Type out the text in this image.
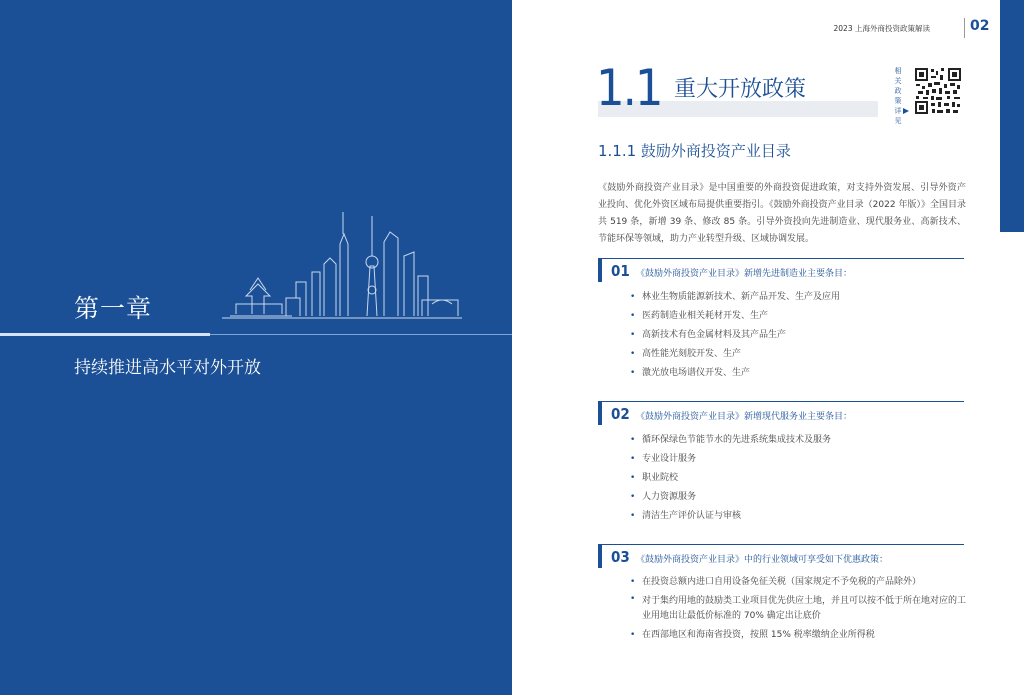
第一章
持续推进高水平对外开放
2023 上海外商投资政策解读	02
1.1 重大开放政策
相关政策详见
1.1.1 鼓励外商投资产业目录
《鼓励外商投资产业目录》是中国重要的外商投资促进政策，对支持外资发展、引导外资产业投向、优化外资区域布局提供重要指引。《鼓励外商投资产业目录（2022 年版）》全国目录共 519 条，新增 39 条、修改 85 条。引导外资投向先进制造业、现代服务业、高新技术、节能环保等领域，助力产业转型升级、区域协调发展。
01 《鼓励外商投资产业目录》新增先进制造业主要条目：
• 林业生物质能源新技术、新产品开发、生产及应用
• 医药制造业相关耗材开发、生产
• 高新技术有色金属材料及其产品生产
• 高性能光刻胶开发、生产
• 激光放电场谱仪开发、生产
02 《鼓励外商投资产业目录》新增现代服务业主要条目：
• 循环保绿色节能节水的先进系统集成技术及服务
• 专业设计服务
• 职业院校
• 人力资源服务
• 清洁生产评价认证与审核
03 《鼓励外商投资产业目录》中的行业领域可享受如下优惠政策：
• 在投资总额内进口自用设备免征关税（国家规定不予免税的产品除外）
• 对于集约用地的鼓励类工业项目优先供应土地，并且可以按不低于所在地对应的工业用地出让最低价标准的 70% 确定出让底价
• 在西部地区和海南省投资，按照 15% 税率缴纳企业所得税
